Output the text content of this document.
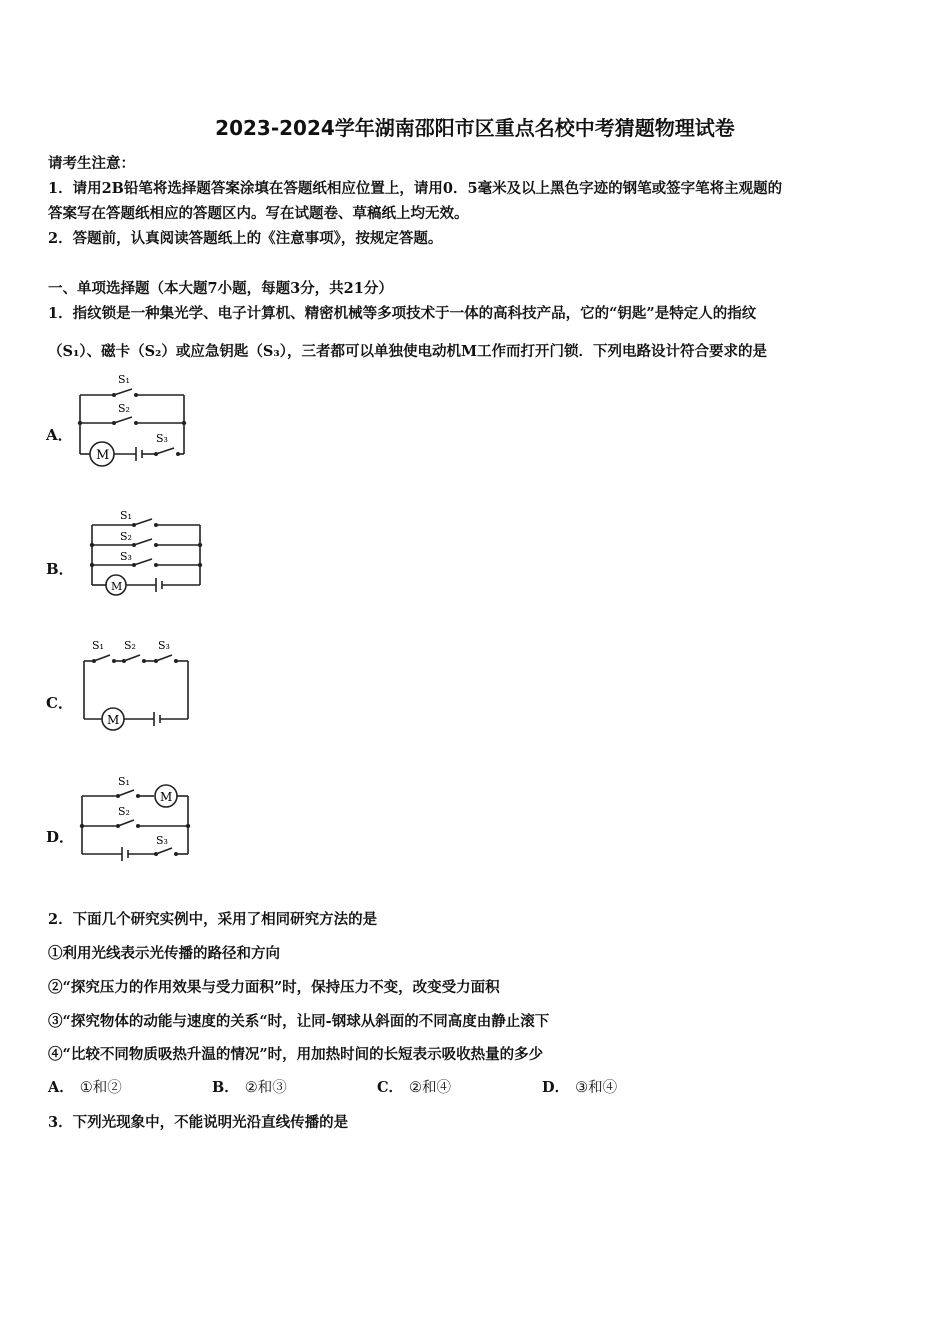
2023-2024学年湖南邵阳市区重点名校中考猜题物理试卷
请考生注意：
1．请用2B铅笔将选择题答案涂填在答题纸相应位置上，请用0．5毫米及以上黑色字迹的钢笔或签字笔将主观题的
答案写在答题纸相应的答题区内。写在试题卷、草稿纸上均无效。
2．答题前，认真阅读答题纸上的《注意事项》，按规定答题。
一、单项选择题（本大题7小题，每题3分，共21分）
1．指纹锁是一种集光学、电子计算机、精密机械等多项技术于一体的高科技产品，它的“钥匙”是特定人的指纹
（S₁）、磁卡（S₂）或应急钥匙（S₃），三者都可以单独使电动机M工作而打开门锁．下列电路设计符合要求的是
A．
S₁
S₂
S₃
M
B．
S₁
S₂
S₃
M
C．
S₁ S₂ S₃
M
D．
S₁
S₂
S₃
M
2．下面几个研究实例中，采用了相同研究方法的是
①利用光线表示光传播的路径和方向
②“探究压力的作用效果与受力面积”时，保持压力不变，改变受力面积
③“探究物体的动能与速度的关系“时，让同-钢球从斜面的不同高度由静止滚下
④“比较不同物质吸热升温的情况”时，用加热时间的长短表示吸收热量的多少
A． ①和②	B． ②和③	C． ②和④	D． ③和④
3．下列光现象中，不能说明光沿直线传播的是
